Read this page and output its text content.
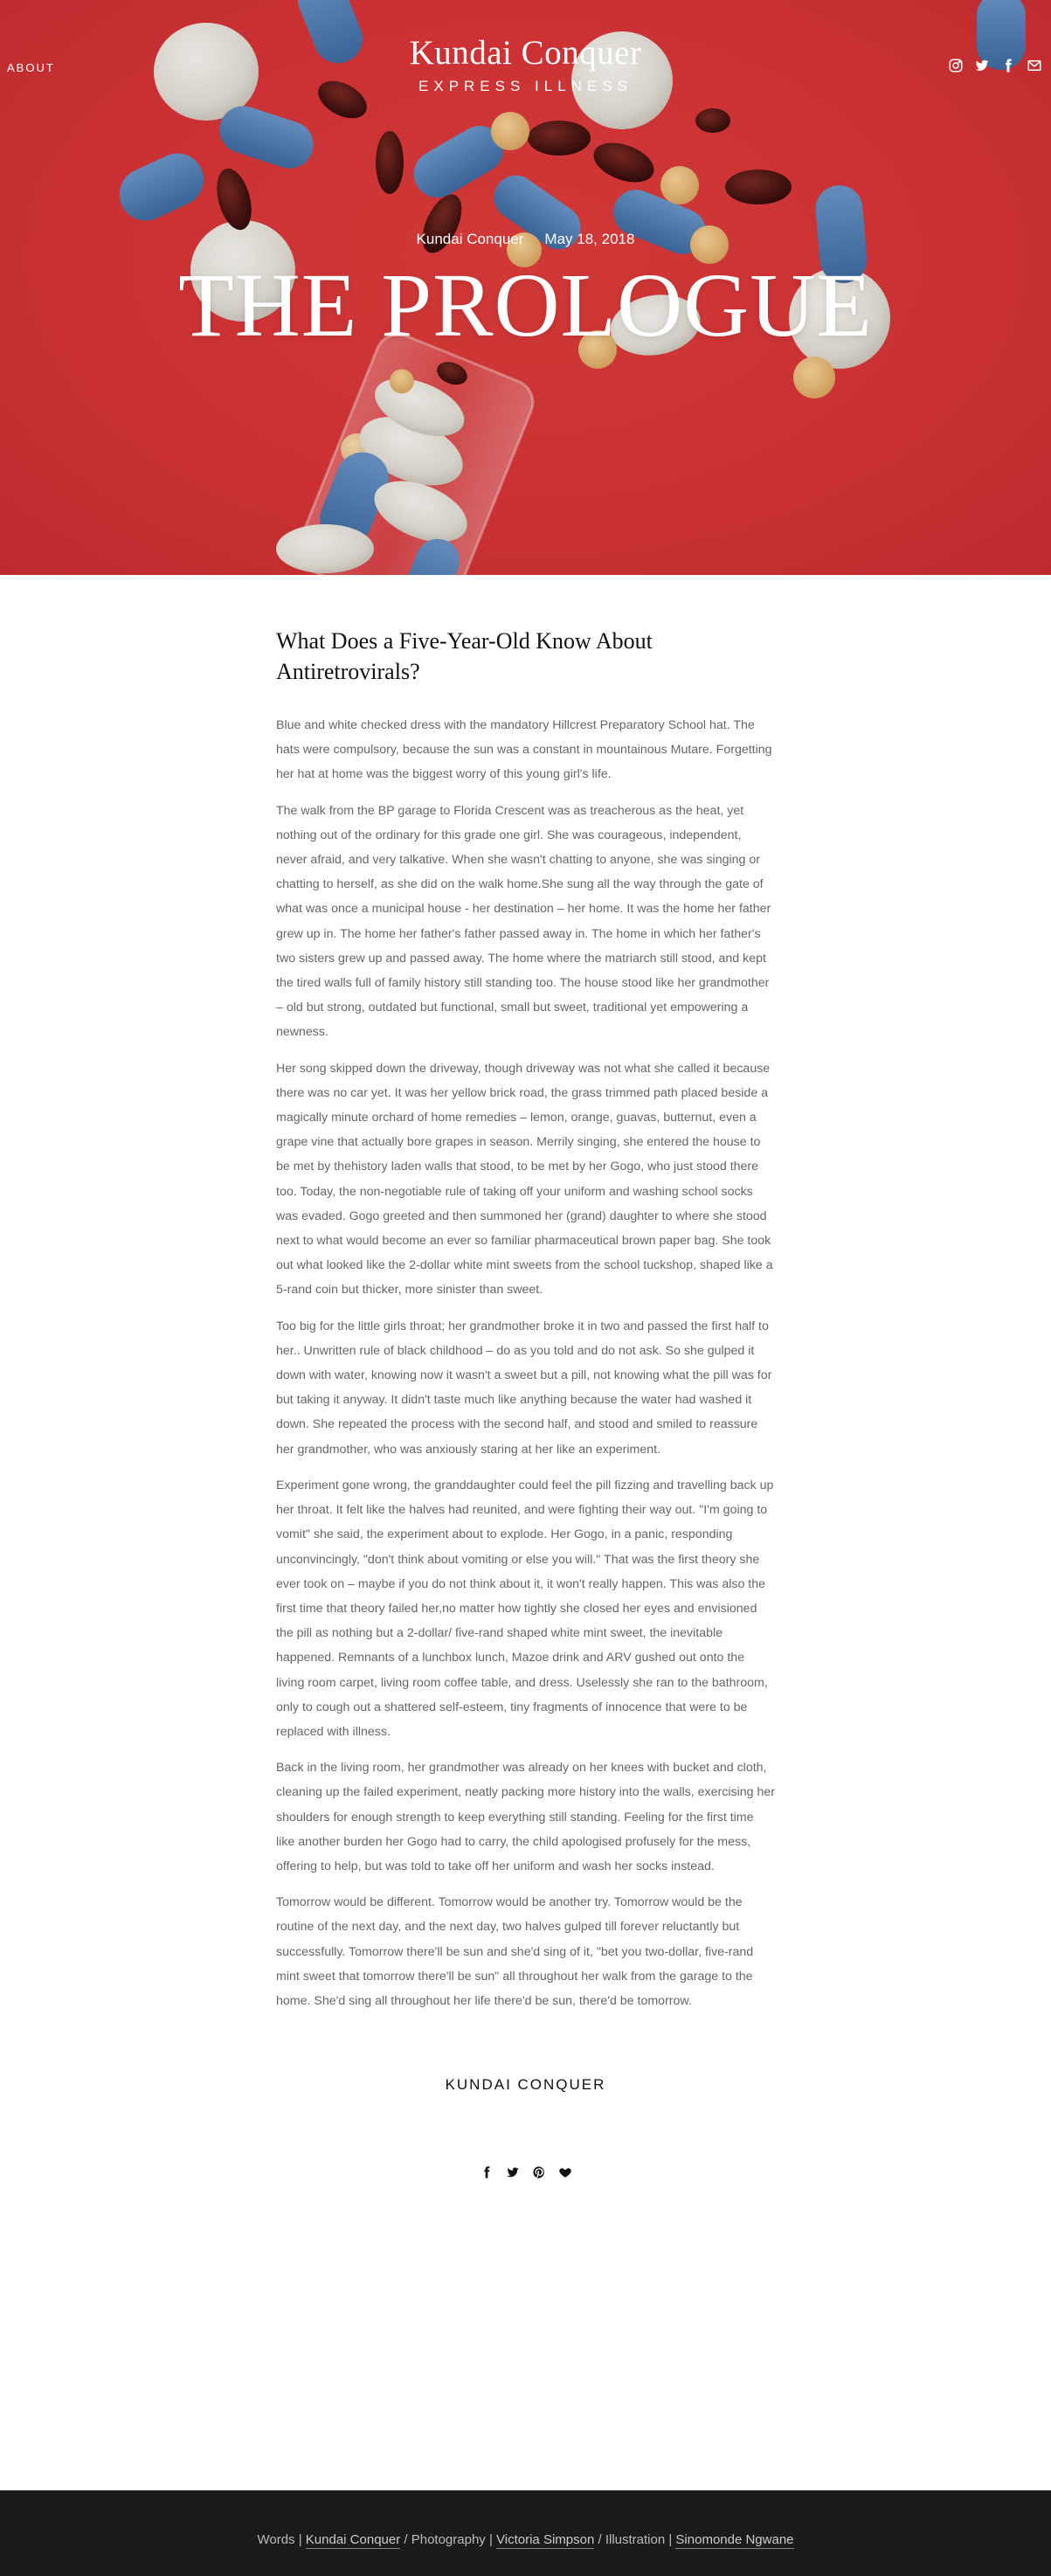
ABOUT	Kundai Conquer
EXPRESS ILLNESS
Kundai Conquer May 18, 2018
THE PROLOGUE
What Does a Five-Year-Old Know About Antiretrovirals?

Blue and white checked dress with the mandatory Hillcrest Preparatory School hat. The hats were compulsory, because the sun was a constant in mountainous Mutare. Forgetting her hat at home was the biggest worry of this young girl's life.

The walk from the BP garage to Florida Crescent was as treacherous as the heat, yet nothing out of the ordinary for this grade one girl. She was courageous, independent, never afraid, and very talkative. When she wasn't chatting to anyone, she was singing or chatting to herself, as she did on the walk home.She sung all the way through the gate of what was once a municipal house - her destination – her home. It was the home her father grew up in. The home her father's father passed away in. The home in which her father's two sisters grew up and passed away. The home where the matriarch still stood, and kept the tired walls full of family history still standing too. The house stood like her grandmother – old but strong, outdated but functional, small but sweet, traditional yet empowering a newness.

Her song skipped down the driveway, though driveway was not what she called it because there was no car yet. It was her yellow brick road, the grass trimmed path placed beside a magically minute orchard of home remedies – lemon, orange, guavas, butternut, even a grape vine that actually bore grapes in season. Merrily singing, she entered the house to be met by thehistory laden walls that stood, to be met by her Gogo, who just stood there too. Today, the non-negotiable rule of taking off your uniform and washing school socks was evaded. Gogo greeted and then summoned her (grand) daughter to where she stood next to what would become an ever so familiar pharmaceutical brown paper bag. She took out what looked like the 2-dollar white mint sweets from the school tuckshop, shaped like a 5-rand coin but thicker, more sinister than sweet.

Too big for the little girls throat; her grandmother broke it in two and passed the first half to her.. Unwritten rule of black childhood – do as you told and do not ask. So she gulped it down with water, knowing now it wasn't a sweet but a pill, not knowing what the pill was for but taking it anyway. It didn't taste much like anything because the water had washed it down. She repeated the process with the second half, and stood and smiled to reassure her grandmother, who was anxiously staring at her like an experiment.

Experiment gone wrong, the granddaughter could feel the pill fizzing and travelling back up her throat. It felt like the halves had reunited, and were fighting their way out. "I'm going to vomit" she said, the experiment about to explode. Her Gogo, in a panic, responding unconvincingly, "don't think about vomiting or else you will." That was the first theory she ever took on – maybe if you do not think about it, it won't really happen. This was also the first time that theory failed her,no matter how tightly she closed her eyes and envisioned the pill as nothing but a 2-dollar/ five-rand shaped white mint sweet, the inevitable happened. Remnants of a lunchbox lunch, Mazoe drink and ARV gushed out onto the living room carpet, living room coffee table, and dress. Uselessly she ran to the bathroom, only to cough out a shattered self-esteem, tiny fragments of innocence that were to be replaced with illness.

Back in the living room, her grandmother was already on her knees with bucket and cloth, cleaning up the failed experiment, neatly packing more history into the walls, exercising her shoulders for enough strength to keep everything still standing. Feeling for the first time like another burden her Gogo had to carry, the child apologised profusely for the mess, offering to help, but was told to take off her uniform and wash her socks instead.

Tomorrow would be different. Tomorrow would be another try. Tomorrow would be the routine of the next day, and the next day, two halves gulped till forever reluctantly but successfully. Tomorrow there'll be sun and she'd sing of it, "bet you two-dollar, five-rand mint sweet that tomorrow there'll be sun" all throughout her walk from the garage to the home. She'd sing all throughout her life there'd be sun, there'd be tomorrow.

KUNDAI CONQUER
Words | Kundai Conquer / Photography | Victoria Simpson / Illustration | Sinomonde Ngwane
